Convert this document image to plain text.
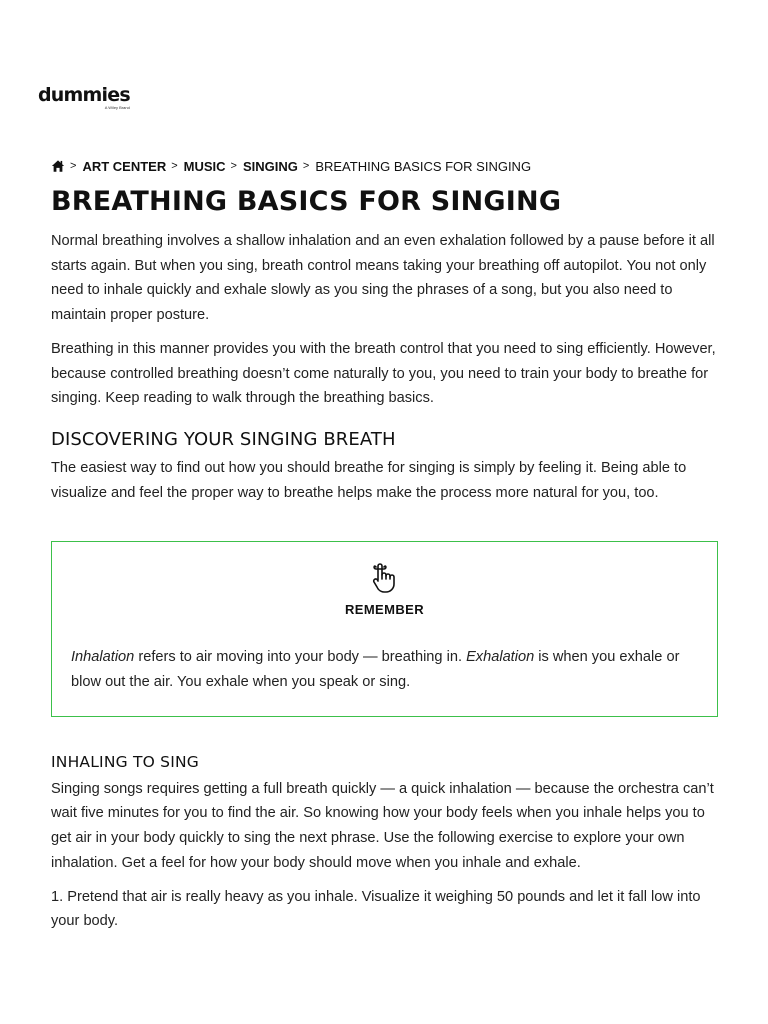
dummies
A Wiley Brand
> ART CENTER > MUSIC > SINGING > BREATHING BASICS FOR SINGING
BREATHING BASICS FOR SINGING

Normal breathing involves a shallow inhalation and an even exhalation followed by a pause before it all starts again. But when you sing, breath control means taking your breathing off autopilot. You not only need to inhale quickly and exhale slowly as you sing the phrases of a song, but you also need to maintain proper posture.

Breathing in this manner provides you with the breath control that you need to sing efficiently. However, because controlled breathing doesn’t come naturally to you, you need to train your body to breathe for singing. Keep reading to walk through the breathing basics.

DISCOVERING YOUR SINGING BREATH

The easiest way to find out how you should breathe for singing is simply by feeling it. Being able to visualize and feel the proper way to breathe helps make the process more natural for you, too.

REMEMBER

Inhalation refers to air moving into your body — breathing in. Exhalation is when you exhale or blow out the air. You exhale when you speak or sing.

INHALING TO SING

Singing songs requires getting a full breath quickly — a quick inhalation — because the orchestra can’t wait five minutes for you to find the air. So knowing how your body feels when you inhale helps you to get air in your body quickly to sing the next phrase. Use the following exercise to explore your own inhalation. Get a feel for how your body should move when you inhale and exhale.

1. Pretend that air is really heavy as you inhale. Visualize it weighing 50 pounds and let it fall low into your body.
